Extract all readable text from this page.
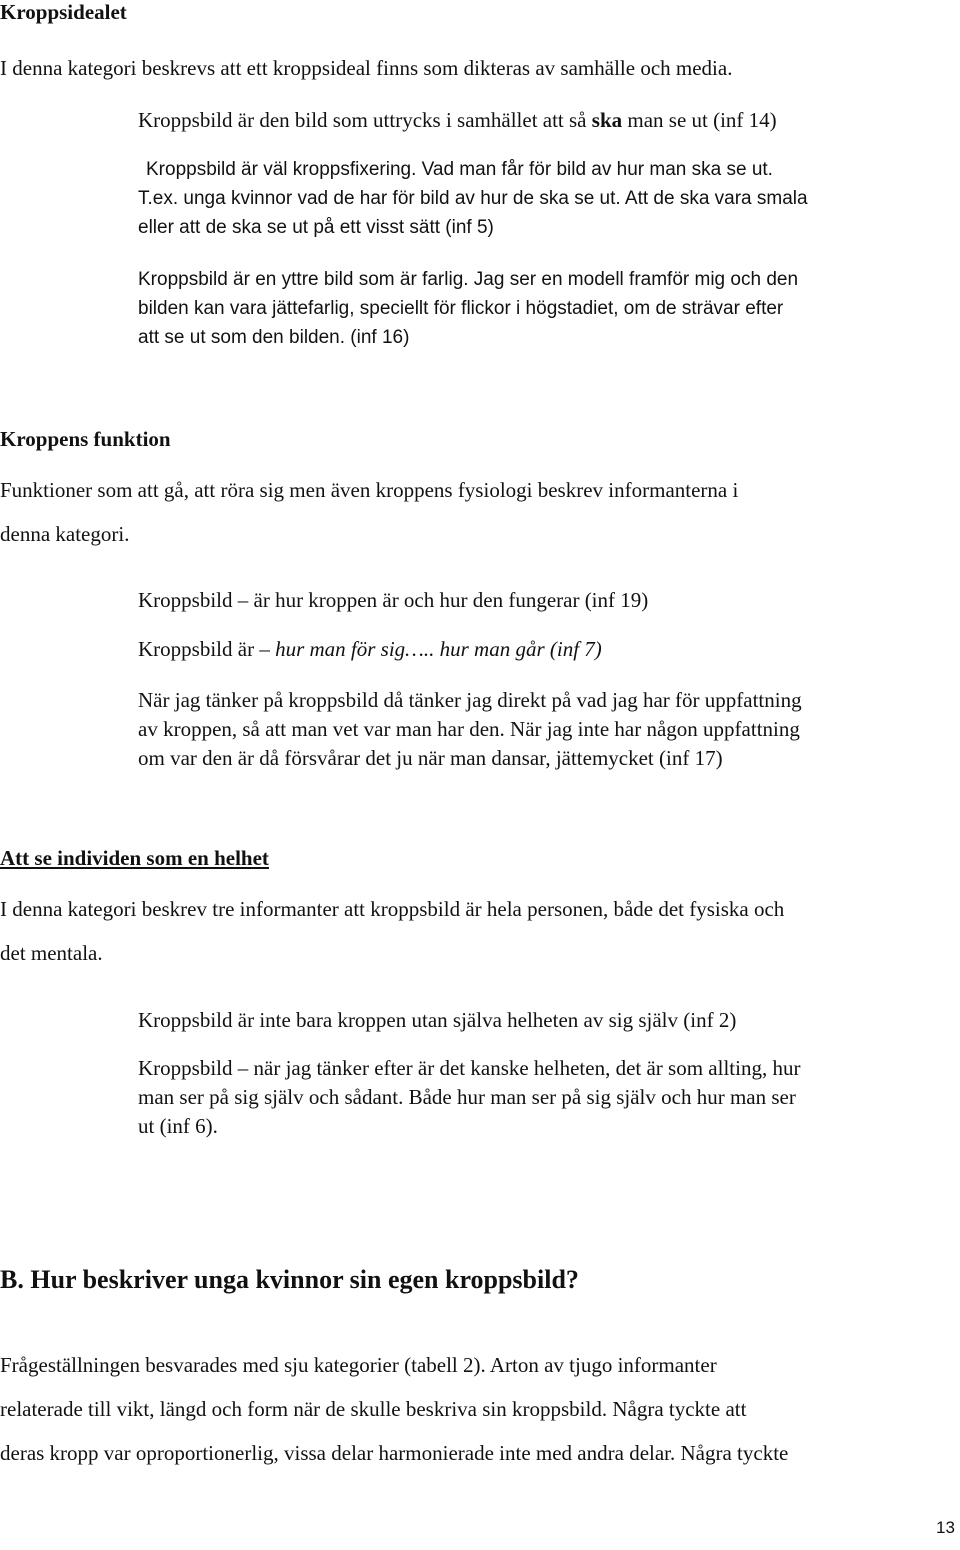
Kroppsidealet
I denna kategori beskrevs att ett kroppsideal finns som dikteras av samhälle och media.
Kroppsbild är den bild som uttrycks i samhället att så ska man se ut (inf 14)
Kroppsbild är väl kroppsfixering. Vad man får för bild av hur man ska se ut.
T.ex. unga kvinnor vad de har för bild av hur de ska se ut. Att de ska vara smala
eller att de ska se ut på ett visst sätt (inf 5)
Kroppsbild är en yttre bild som är farlig. Jag ser en modell framför mig och den
bilden kan vara jättefarlig, speciellt för flickor i högstadiet, om de strävar efter
att se ut som den bilden. (inf 16)
Kroppens funktion
Funktioner som att gå, att röra sig men även kroppens fysiologi beskrev informanterna i
denna kategori.
Kroppsbild – är hur kroppen är och hur den fungerar (inf 19)
Kroppsbild är – hur man för sig….. hur man går (inf 7)
När jag tänker på kroppsbild då tänker jag direkt på vad jag har för uppfattning
av kroppen, så att man vet var man har den. När jag inte har någon uppfattning
om var den är då försvårar det ju när man dansar, jättemycket (inf 17)
Att se individen som en helhet
I denna kategori beskrev tre informanter att kroppsbild är hela personen, både det fysiska och
det mentala.
Kroppsbild är inte bara kroppen utan själva helheten av sig själv (inf 2)
Kroppsbild – när jag tänker efter är det kanske helheten, det är som allting, hur
man ser på sig själv och sådant. Både hur man ser på sig själv och hur man ser
ut (inf 6).
B. Hur beskriver unga kvinnor sin egen kroppsbild?
Frågeställningen besvarades med sju kategorier (tabell 2). Arton av tjugo informanter
relaterade till vikt, längd och form när de skulle beskriva sin kroppsbild. Några tyckte att
deras kropp var oproportionerlig, vissa delar harmonierade inte med andra delar. Några tyckte
13
